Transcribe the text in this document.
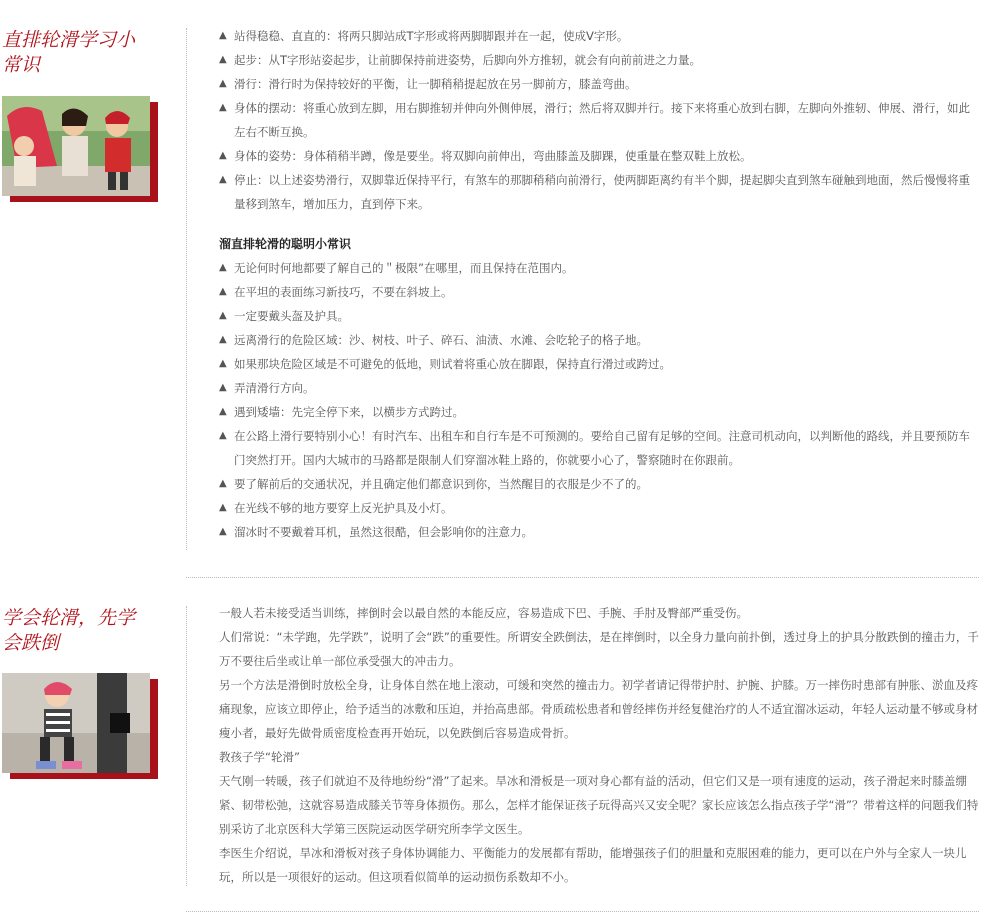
直排轮滑学习小常识
▲ 站得稳稳、直直的：将两只脚站成T字形或将两脚脚跟并在一起，使成V字形。
▲ 起步：从T字形站姿起步，让前脚保持前进姿势，后脚向外方推轫，就会有向前前进之力量。
▲ 滑行：滑行时为保持较好的平衡，让一脚稍稍提起放在另一脚前方，膝盖弯曲。
▲ 身体的摆动：将重心放到左脚，用右脚推轫并伸向外侧伸展，滑行；然后将双脚并行。接下来将重心放到右脚，左脚向外推轫、伸展、滑行，如此左右不断互换。
▲ 身体的姿势：身体稍稍半蹲，像是要坐。将双脚向前伸出，弯曲膝盖及脚踝，使重量在整双鞋上放松。
▲ 停止：以上述姿势滑行，双脚靠近保持平行，有煞车的那脚稍稍向前滑行，使两脚距离约有半个脚，提起脚尖直到煞车碰触到地面，然后慢慢将重量移到煞车，增加压力，直到停下来。
溜直排轮滑的聪明小常识
▲ 无论何时何地都要了解自己的＂极限”在哪里，而且保持在范围内。
▲ 在平坦的表面练习新技巧，不要在斜坡上。
▲ 一定要戴头盔及护具。
▲ 远离滑行的危险区域：沙、树枝、叶子、碎石、油渍、水滩、会吃轮子的格子地。
▲ 如果那块危险区域是不可避免的低地，则试着将重心放在脚跟，保持直行滑过或跨过。
▲ 弄清滑行方向。
▲ 遇到矮墙：先完全停下来，以横步方式跨过。
▲ 在公路上滑行要特别小心！有时汽车、出租车和自行车是不可预测的。要给自己留有足够的空间。注意司机动向，以判断他的路线，并且要预防车门突然打开。国内大城市的马路都是限制人们穿溜冰鞋上路的，你就要小心了，警察随时在你跟前。
▲ 要了解前后的交通状况，并且确定他们都意识到你，当然醒目的衣服是少不了的。
▲ 在光线不够的地方要穿上反光护具及小灯。
▲ 溜冰时不要戴着耳机，虽然这很酷，但会影响你的注意力。
学会轮滑，先学会跌倒
一般人若未接受适当训练，摔倒时会以最自然的本能反应，容易造成下巴、手腕、手肘及臀部严重受伤。
人们常说：“未学跑，先学跌”，说明了会“跌”的重要性。所谓安全跌倒法，是在摔倒时，以全身力量向前扑倒，透过身上的护具分散跌倒的撞击力，千万不要往后坐或让单一部位承受强大的冲击力。
另一个方法是滑倒时放松全身，让身体自然在地上滚动，可缓和突然的撞击力。初学者请记得带护肘、护腕、护膝。万一摔伤时患部有肿胀、淤血及疼痛现象，应该立即停止，给予适当的冰敷和压迫，并抬高患部。骨质疏松患者和曾经摔伤并经复健治疗的人不适宜溜冰运动，年轻人运动量不够或身材瘦小者，最好先做骨质密度检查再开始玩，以免跌倒后容易造成骨折。
教孩子学“轮滑”
天气刚一转暖，孩子们就迫不及待地纷纷“滑”了起来。旱冰和滑板是一项对身心都有益的活动，但它们又是一项有速度的运动，孩子滑起来时膝盖绷紧、韧带松弛，这就容易造成膝关节等身体损伤。那么，怎样才能保证孩子玩得高兴又安全呢？家长应该怎么指点孩子学“滑”？带着这样的问题我们特别采访了北京医科大学第三医院运动医学研究所李学文医生。
李医生介绍说，旱冰和滑板对孩子身体协调能力、平衡能力的发展都有帮助，能增强孩子们的胆量和克服困难的能力，更可以在户外与全家人一块儿玩，所以是一项很好的运动。但这项看似简单的运动损伤系数却不小。
